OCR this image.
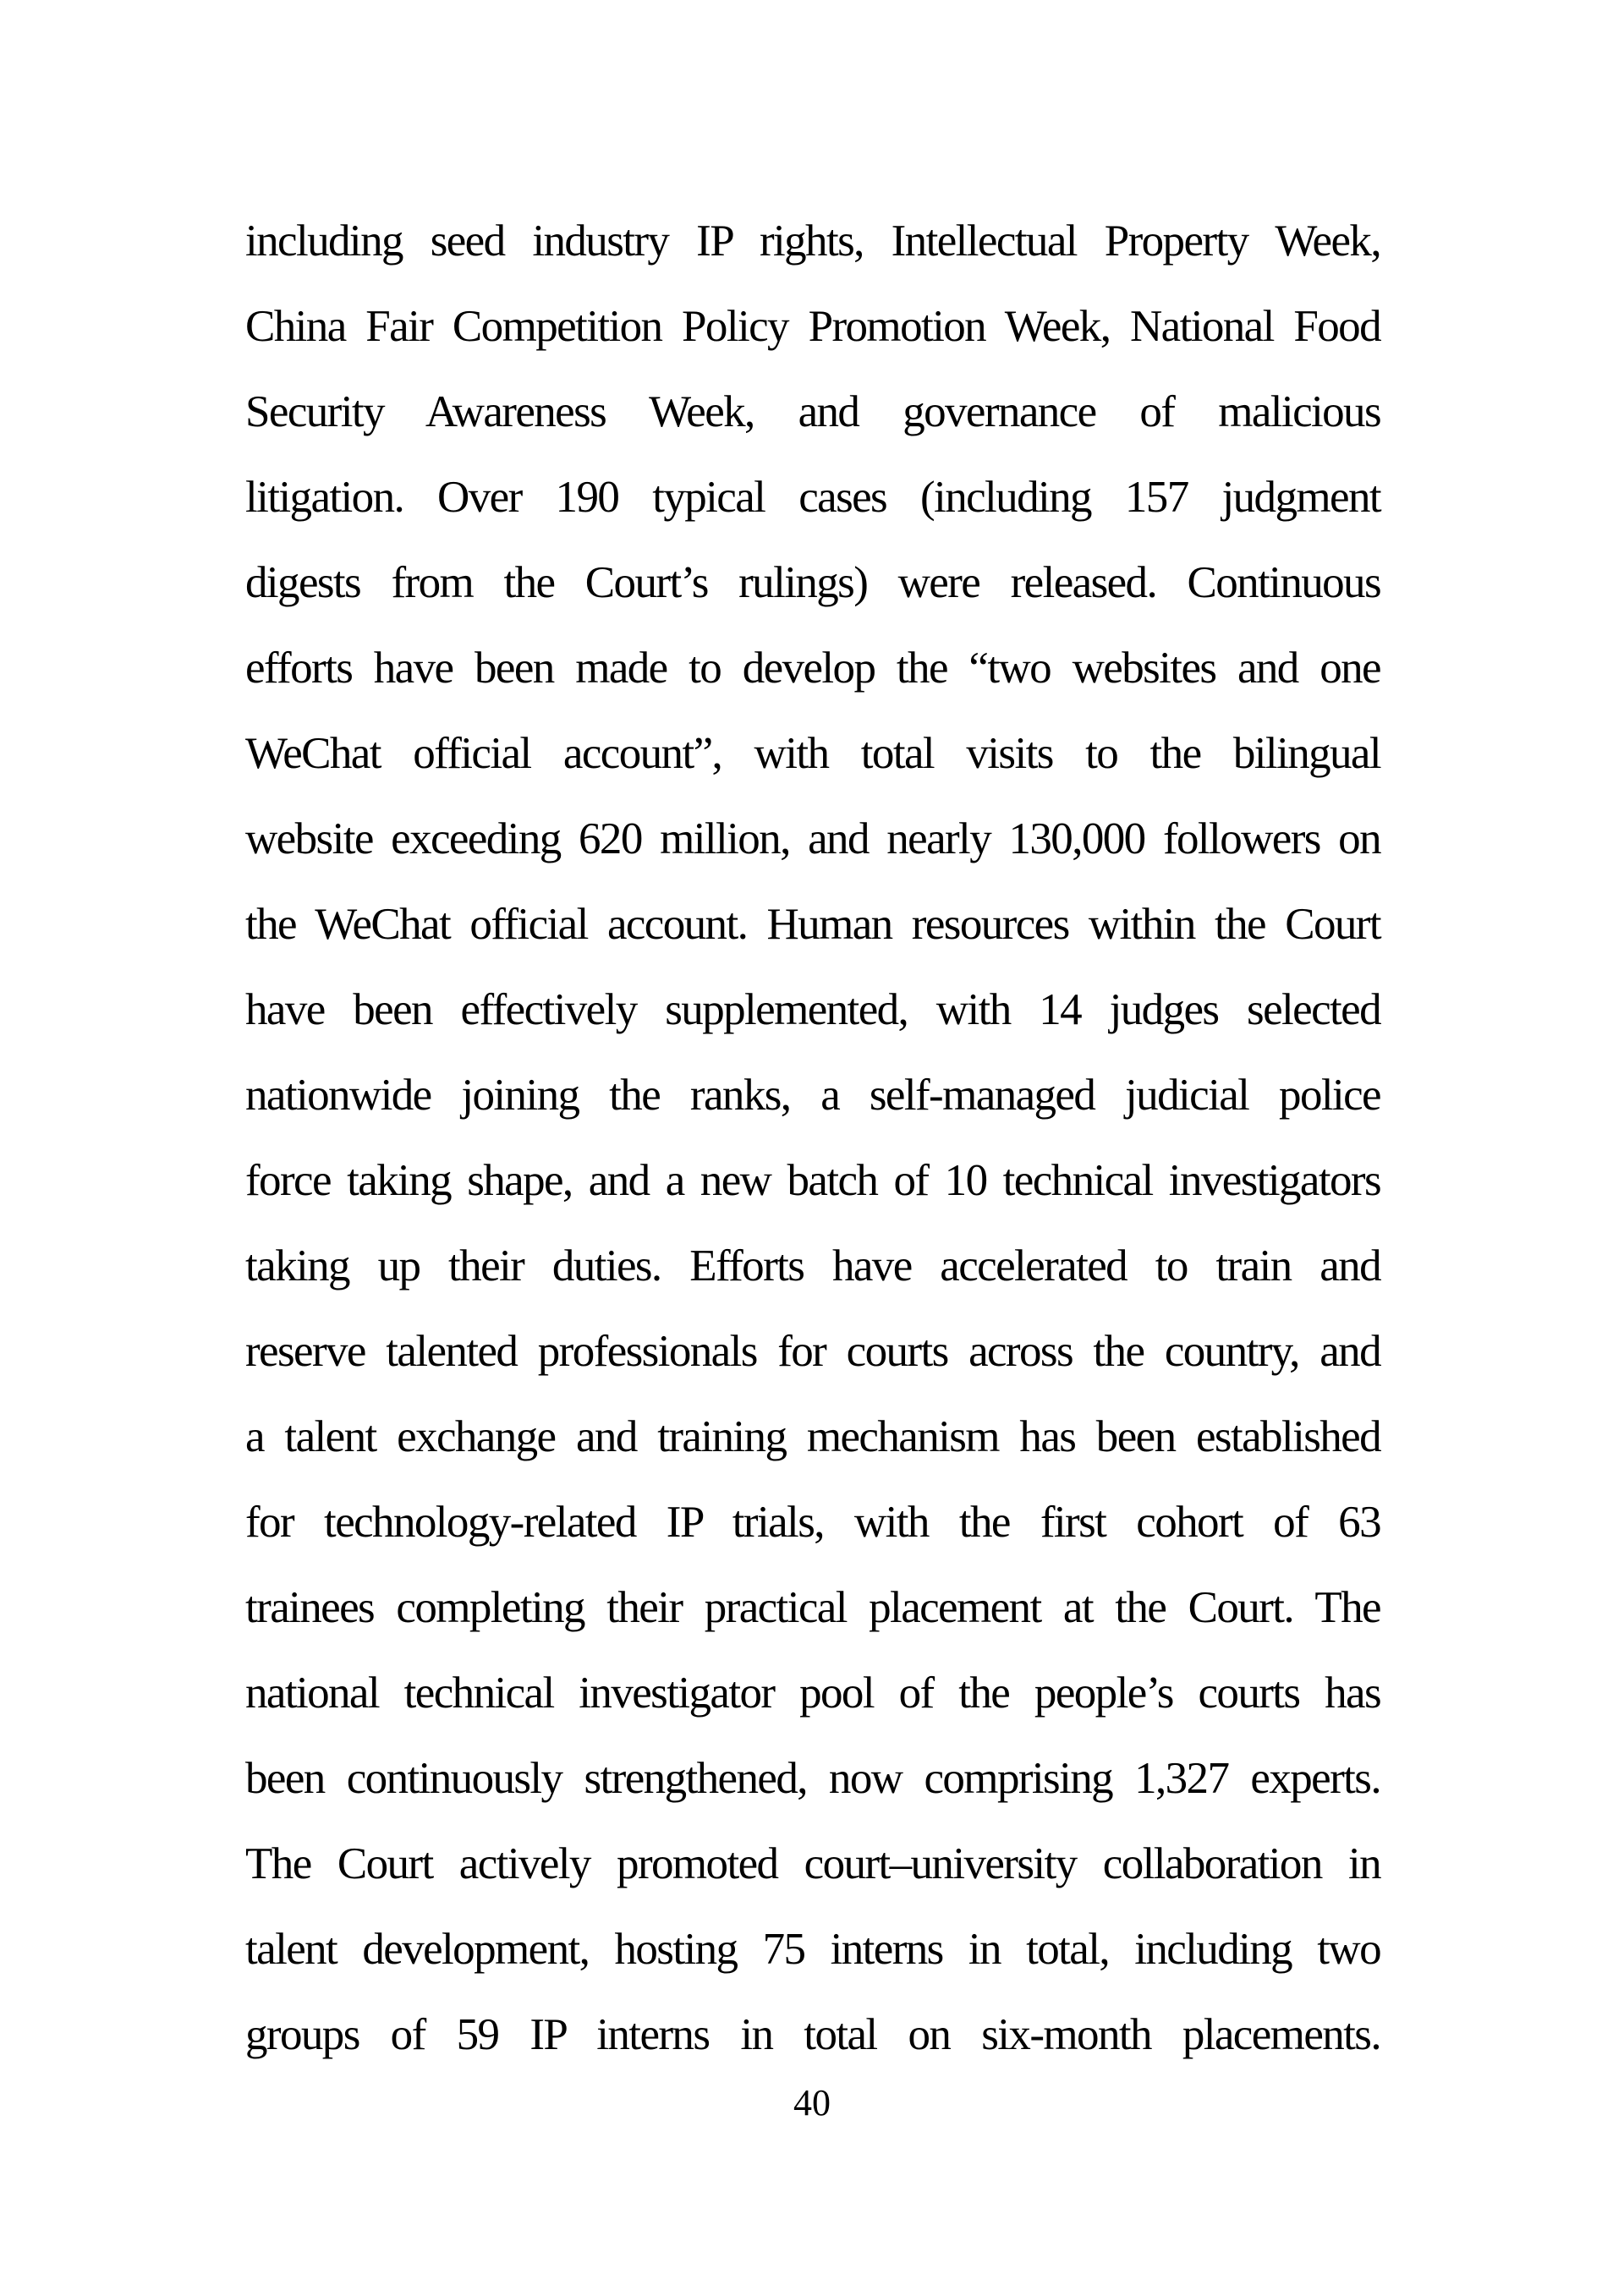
including seed industry IP rights, Intellectual Property Week,
China Fair Competition Policy Promotion Week, National Food
Security Awareness Week, and governance of malicious
litigation. Over 190 typical cases (including 157 judgment
digests from the Court’s rulings) were released. Continuous
efforts have been made to develop the “two websites and one
WeChat official account”, with total visits to the bilingual
website exceeding 620 million, and nearly 130,000 followers on
the WeChat official account. Human resources within the Court
have been effectively supplemented, with 14 judges selected
nationwide joining the ranks, a self-managed judicial police
force taking shape, and a new batch of 10 technical investigators
taking up their duties. Efforts have accelerated to train and
reserve talented professionals for courts across the country, and
a talent exchange and training mechanism has been established
for technology-related IP trials, with the first cohort of 63
trainees completing their practical placement at the Court. The
national technical investigator pool of the people’s courts has
been continuously strengthened, now comprising 1,327 experts.
The Court actively promoted court–university collaboration in
talent development, hosting 75 interns in total, including two
groups of 59 IP interns in total on six-month placements.
40
